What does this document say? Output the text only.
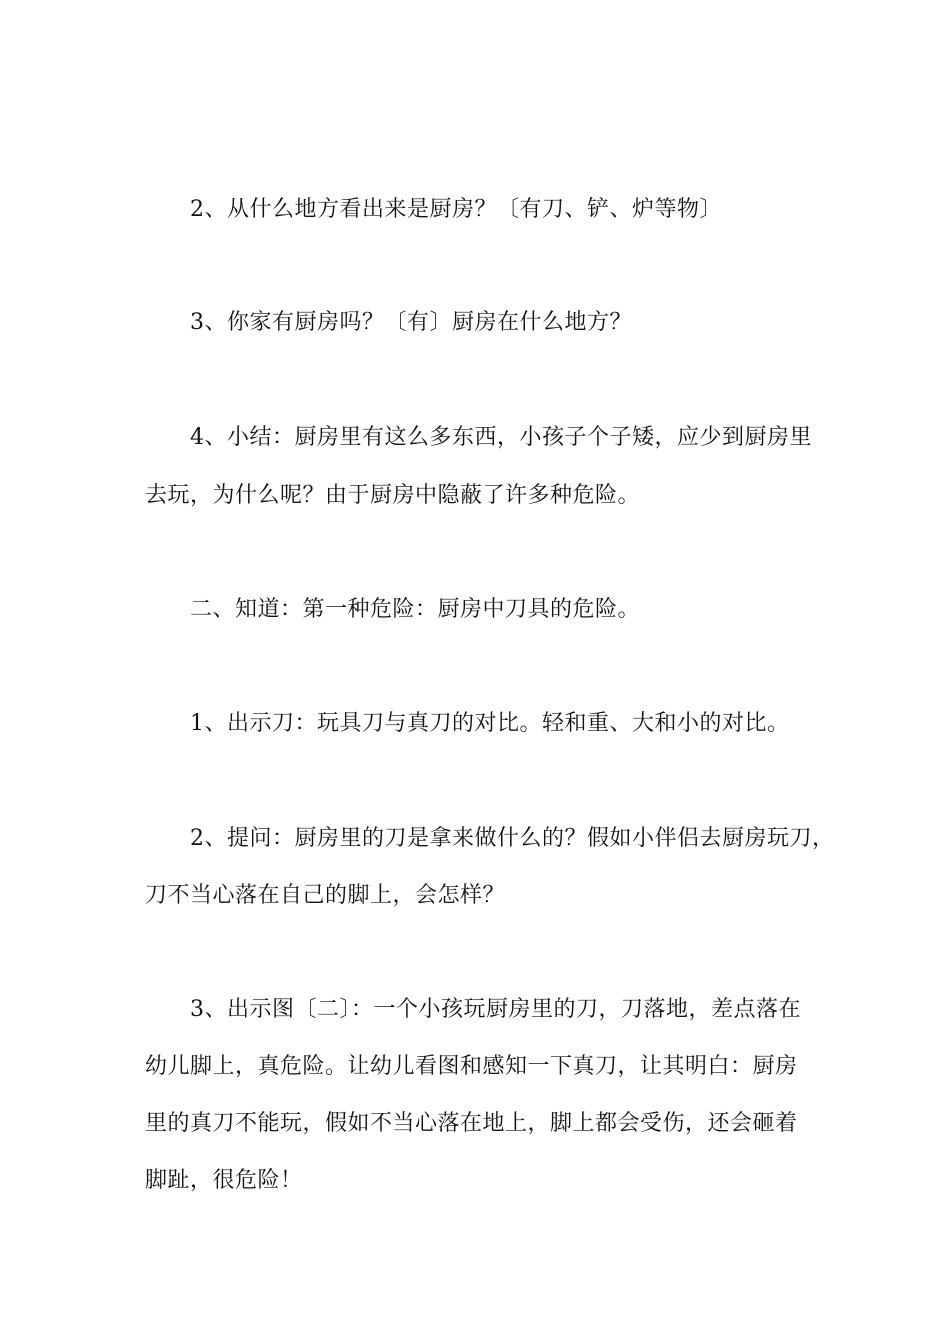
2、从什么地方看出来是厨房？〔有刀、铲、炉等物〕
3、你家有厨房吗？〔有〕厨房在什么地方？
4、小结：厨房里有这么多东西，小孩子个子矮，应少到厨房里
去玩，为什么呢？由于厨房中隐蔽了许多种危险。
二、知道：第一种危险：厨房中刀具的危险。
1、出示刀：玩具刀与真刀的对比。轻和重、大和小的对比。
2、提问：厨房里的刀是拿来做什么的？假如小伴侣去厨房玩刀，
刀不当心落在自己的脚上，会怎样？
3、出示图〔二〕：一个小孩玩厨房里的刀，刀落地，差点落在
幼儿脚上，真危险。让幼儿看图和感知一下真刀，让其明白：厨房
里的真刀不能玩，假如不当心落在地上，脚上都会受伤，还会砸着
脚趾，很危险！
